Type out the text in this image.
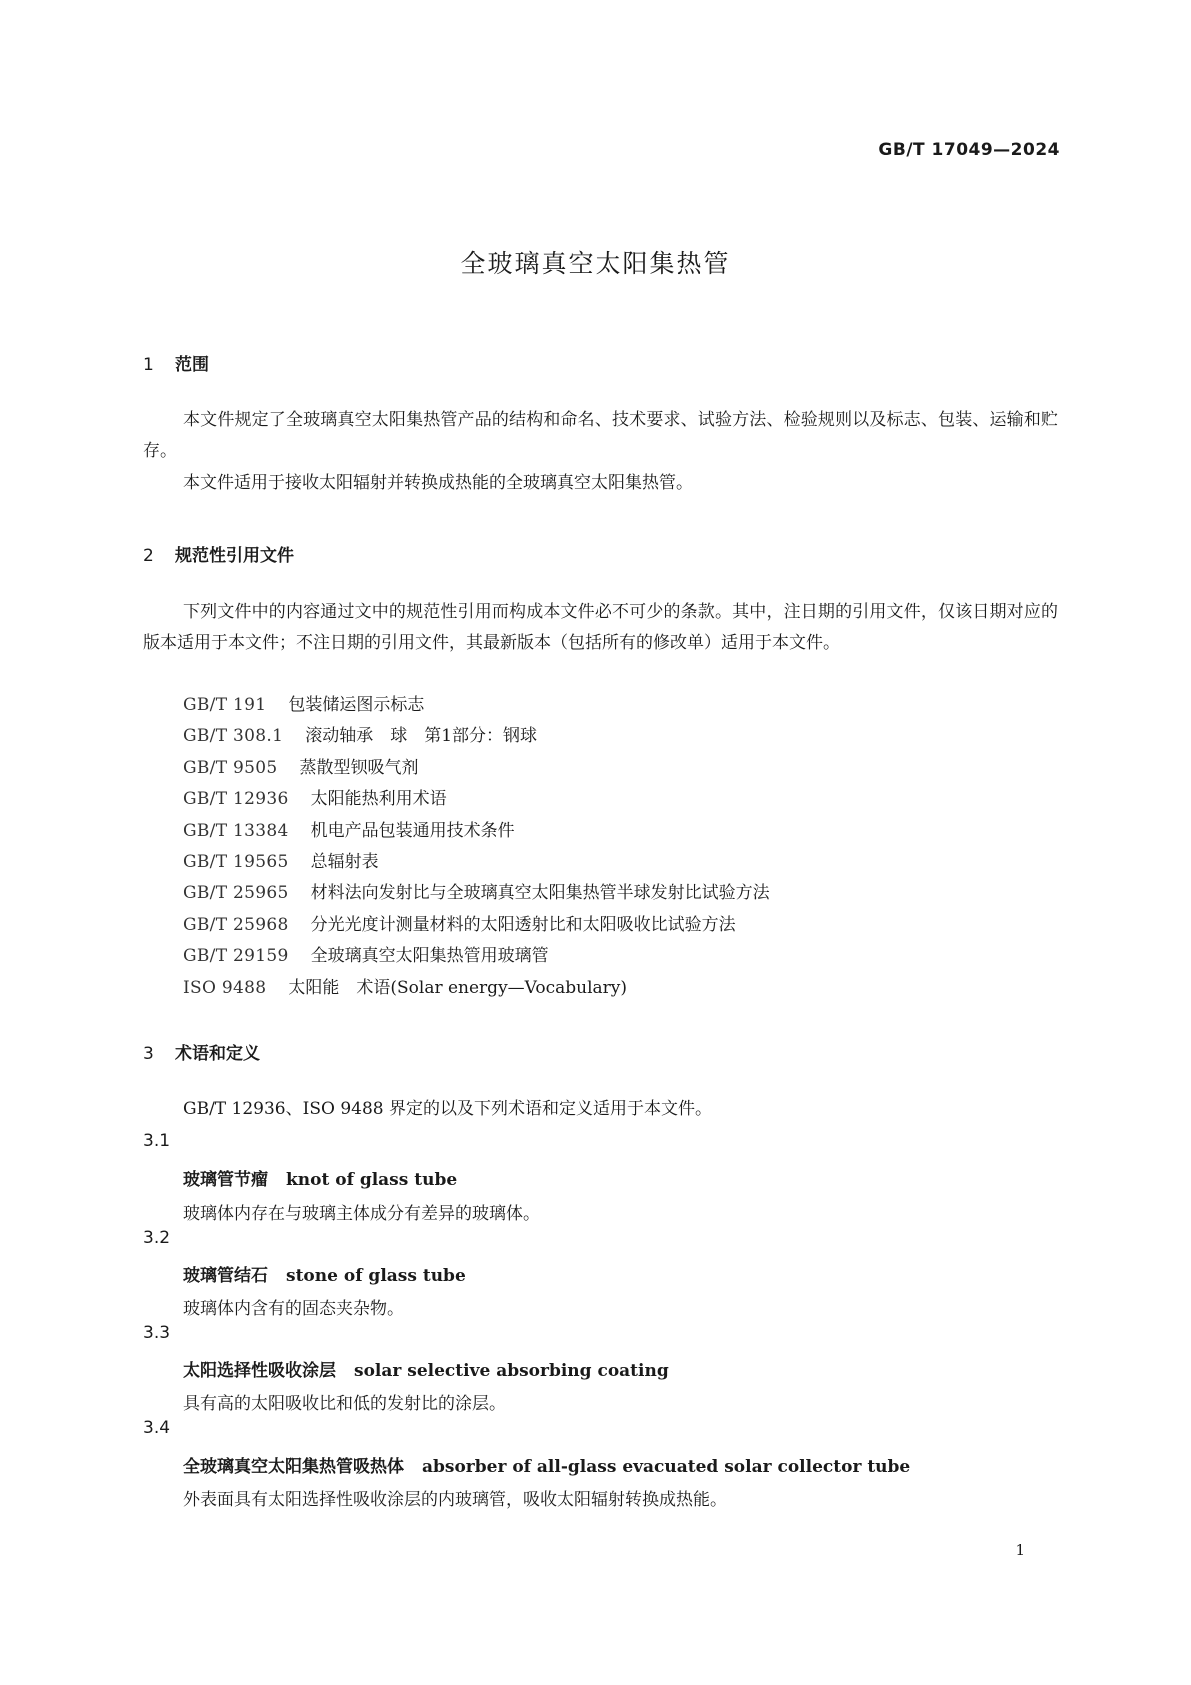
GB/T 17049—2024
全玻璃真空太阳集热管
1 范围
本文件规定了全玻璃真空太阳集热管产品的结构和命名、技术要求、试验方法、检验规则以及标志、包装、运输和贮存。
本文件适用于接收太阳辐射并转换成热能的全玻璃真空太阳集热管。
2 规范性引用文件
下列文件中的内容通过文中的规范性引用而构成本文件必不可少的条款。其中，注日期的引用文件，仅该日期对应的版本适用于本文件；不注日期的引用文件，其最新版本（包括所有的修改单）适用于本文件。
GB/T 191 包装储运图示标志
GB/T 308.1 滚动轴承　球　第1部分：钢球
GB/T 9505 蒸散型钡吸气剂
GB/T 12936 太阳能热利用术语
GB/T 13384 机电产品包装通用技术条件
GB/T 19565 总辐射表
GB/T 25965 材料法向发射比与全玻璃真空太阳集热管半球发射比试验方法
GB/T 25968 分光光度计测量材料的太阳透射比和太阳吸收比试验方法
GB/T 29159 全玻璃真空太阳集热管用玻璃管
ISO 9488 太阳能　术语(Solar energy—Vocabulary)
3 术语和定义
GB/T 12936、ISO 9488 界定的以及下列术语和定义适用于本文件。
3.1
玻璃管节瘤 knot of glass tube
玻璃体内存在与玻璃主体成分有差异的玻璃体。
3.2
玻璃管结石 stone of glass tube
玻璃体内含有的固态夹杂物。
3.3
太阳选择性吸收涂层 solar selective absorbing coating
具有高的太阳吸收比和低的发射比的涂层。
3.4
全玻璃真空太阳集热管吸热体 absorber of all-glass evacuated solar collector tube
外表面具有太阳选择性吸收涂层的内玻璃管，吸收太阳辐射转换成热能。
1
